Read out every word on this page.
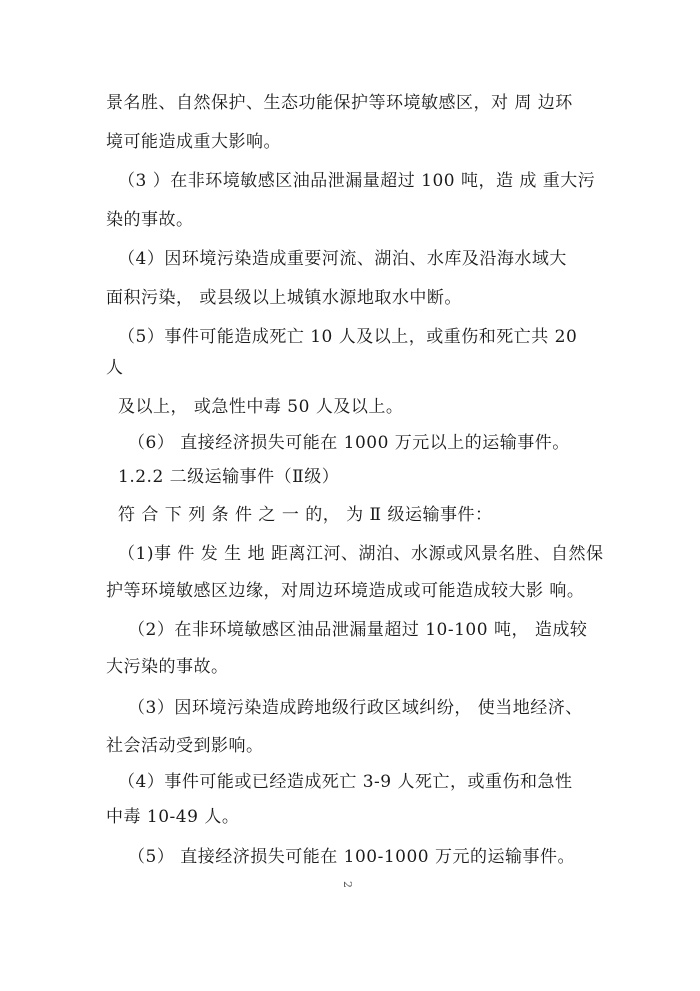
景名胜、自然保护、生态功能保护等环境敏感区，对 周 边环
境可能造成重大影响。
（3 ）在非环境敏感区油品泄漏量超过 100 吨，造 成 重大污
染的事故。
（4）因环境污染造成重要河流、湖泊、水库及沿海水域大
面积污染， 或县级以上城镇水源地取水中断。
（5）事件可能造成死亡 10 人及以上，或重伤和死亡共 20
人
及以上， 或急性中毒 50 人及以上。
（6） 直接经济损失可能在 1000 万元以上的运输事件。
1.2.2 二级运输事件（Ⅱ级）
符 合 下 列 条 件 之 一 的， 为 Ⅱ 级运输事件：
（1)事 件 发 生 地 距离江河、湖泊、水源或风景名胜、自然保
护等环境敏感区边缘，对周边环境造成或可能造成较大影 响。
（2）在非环境敏感区油品泄漏量超过 10-100 吨， 造成较
大污染的事故。
（3）因环境污染造成跨地级行政区域纠纷， 使当地经济、
社会活动受到影响。
（4）事件可能或已经造成死亡 3-9 人死亡，或重伤和急性
中毒 10-49 人。
（5） 直接经济损失可能在 100-1000 万元的运输事件。
2
